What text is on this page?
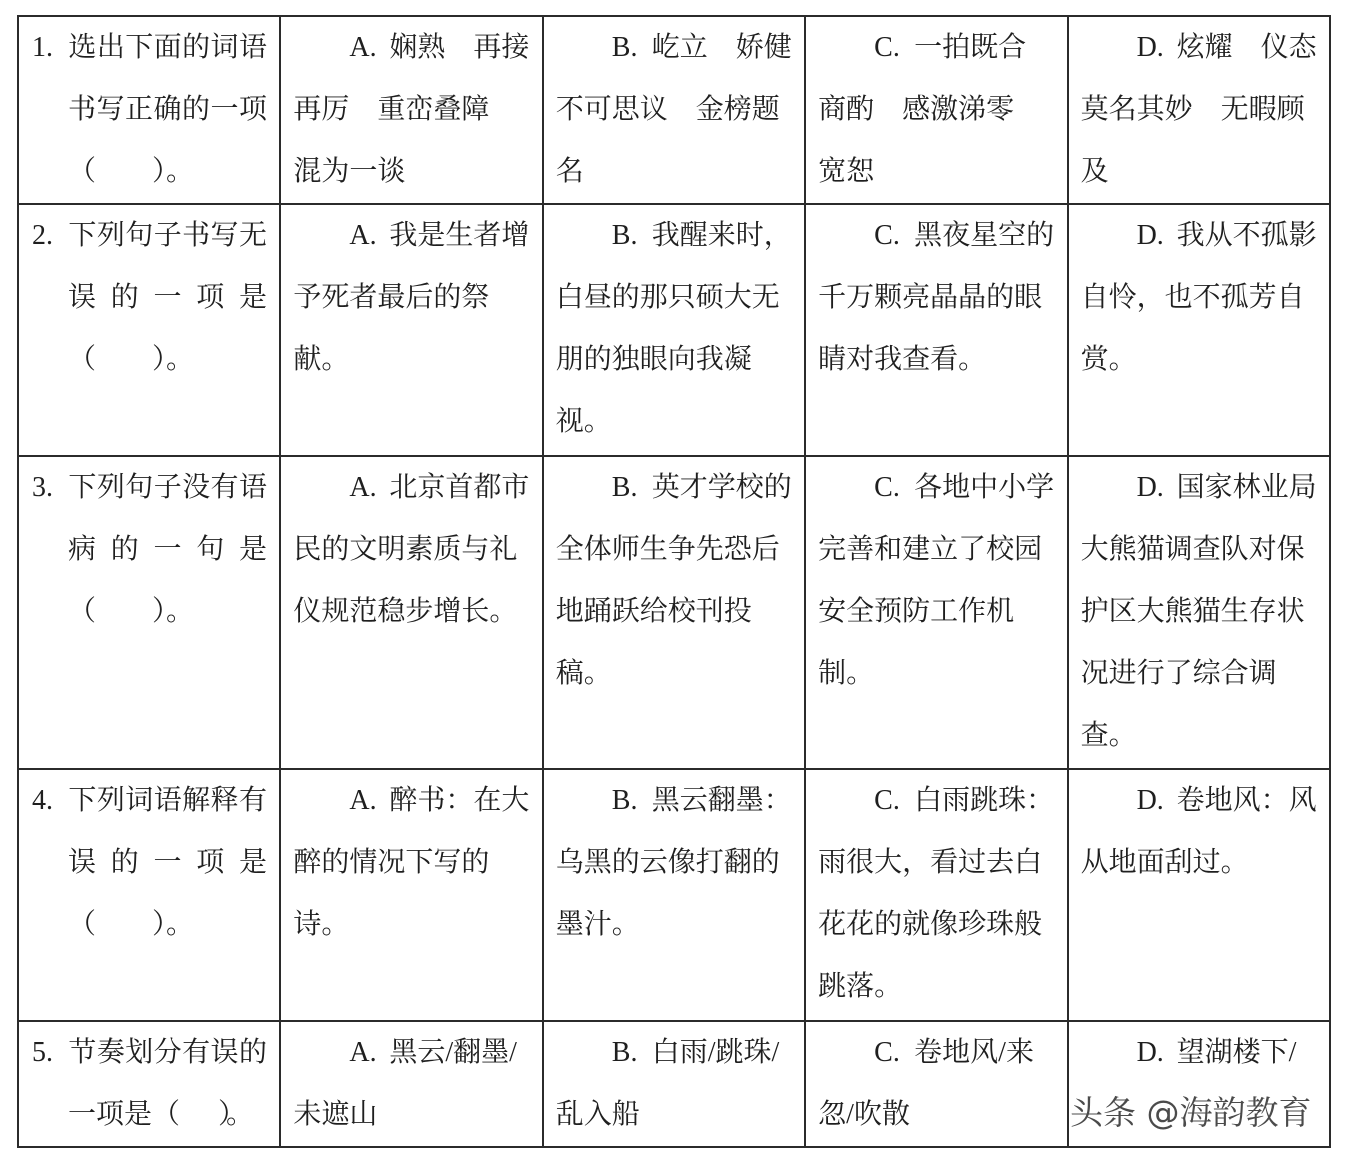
1. 选出下面的词语书写正确的一项（　　）。	A. 娴熟　再接再厉　重峦叠障　混为一谈	B. 屹立　娇健　不可思议　金榜题名	C. 一拍既合　商酌　感激涕零　宽恕	D. 炫耀　仪态　莫名其妙　无暇顾及

2. 下列句子书写无误的一项是（　　）。	A. 我是生者增予死者最后的祭献。	B. 我醒来时，白昼的那只硕大无朋的独眼向我凝视。	C. 黑夜星空的千万颗亮晶晶的眼睛对我查看。	D. 我从不孤影自怜，也不孤芳自赏。

3. 下列句子没有语病的一句是（　　）。	A. 北京首都市民的文明素质与礼仪规范稳步增长。	B. 英才学校的全体师生争先恐后地踊跃给校刊投稿。	C. 各地中小学完善和建立了校园安全预防工作机制。	D. 国家林业局大熊猫调查队对保护区大熊猫生存状况进行了综合调查。

4. 下列词语解释有误的一项是（　　）。	A. 醉书：在大醉的情况下写的诗。	B. 黑云翻墨：乌黑的云像打翻的墨汁。	C. 白雨跳珠：雨很大，看过去白花花的就像珍珠般跳落。	D. 卷地风：风从地面刮过。

5. 节奏划分有误的一项是（　　）。	A. 黑云/翻墨/未遮山	B. 白雨/跳珠/乱入船	C. 卷地风/来忽/吹散	D. 望湖楼下/
头条 @海韵教育
